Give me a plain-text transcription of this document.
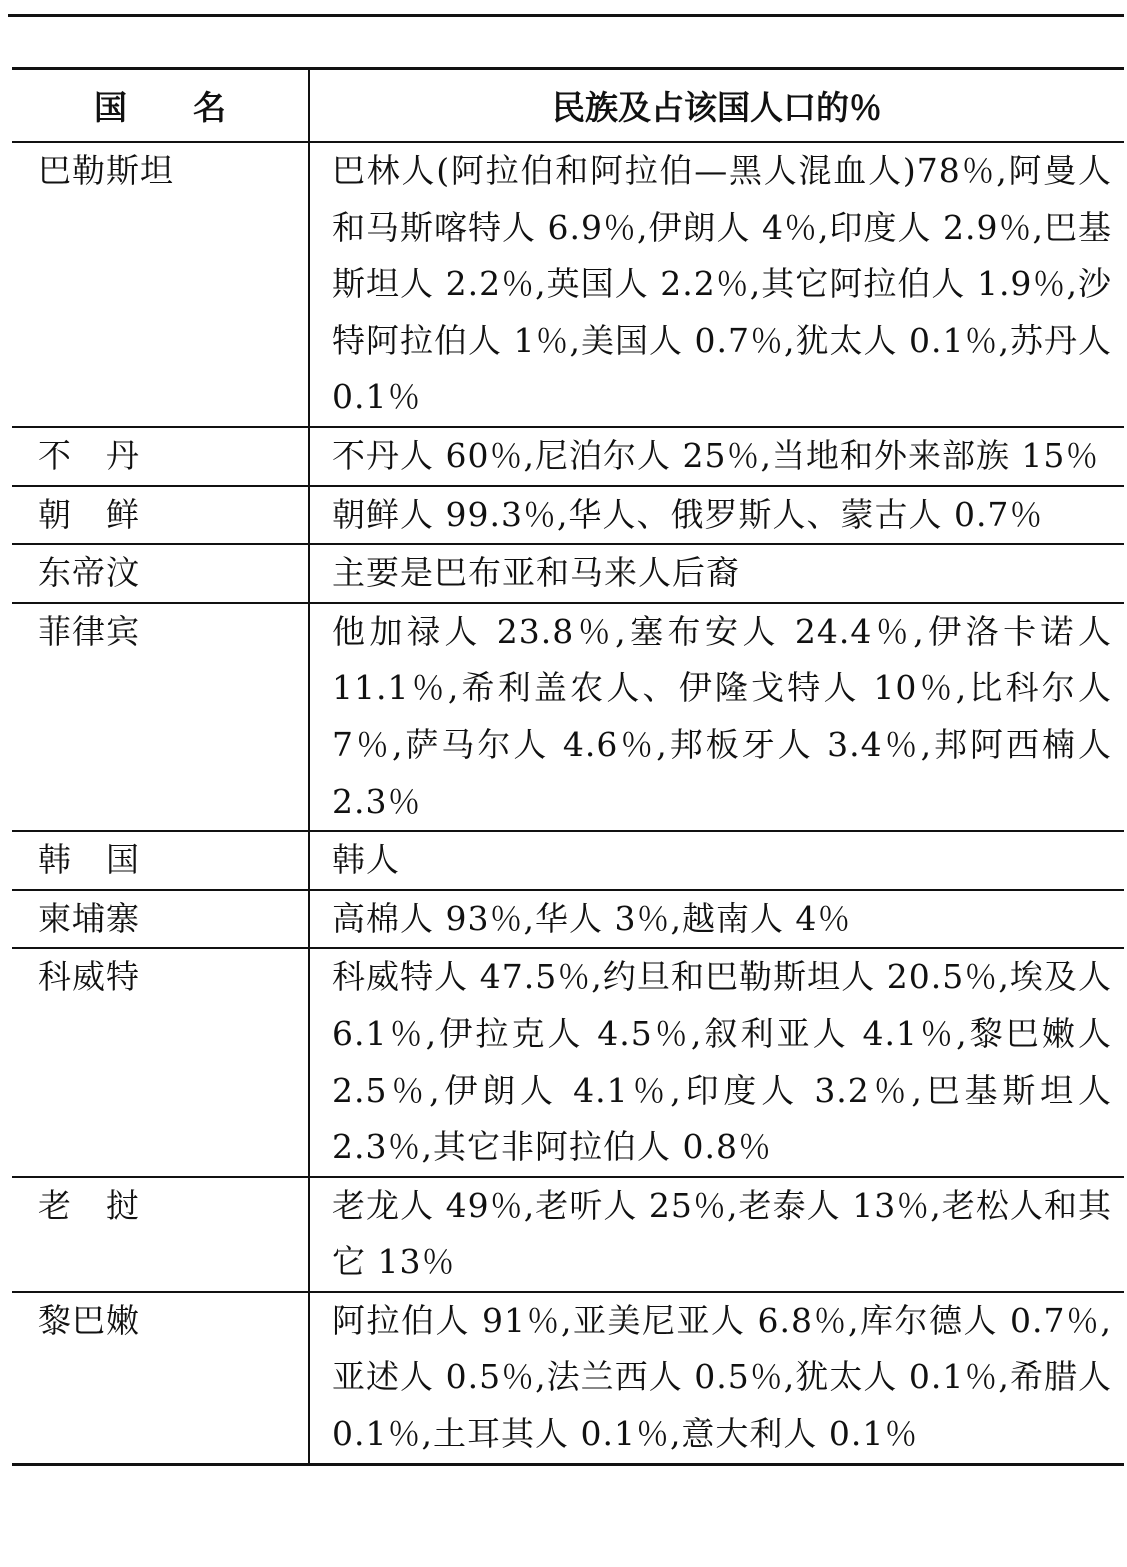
国　　名	民族及占该国人口的％
巴勒斯坦	巴林人(阿拉伯和阿拉伯—黑人混血人)78％,阿曼人和马斯喀特人 6.9％,伊朗人 4％,印度人 2.9％,巴基斯坦人 2.2％,英国人 2.2％,其它阿拉伯人 1.9％,沙特阿拉伯人 1％,美国人 0.7％,犹太人 0.1％,苏丹人 0.1％
不　丹	不丹人 60％,尼泊尔人 25％,当地和外来部族 15％
朝　鲜	朝鲜人 99.3％,华人、俄罗斯人、蒙古人 0.7％
东帝汶	主要是巴布亚和马来人后裔
菲律宾	他加禄人 23.8％,塞布安人 24.4％,伊洛卡诺人 11.1％,希利盖农人、伊隆戈特人 10％,比科尔人 7％,萨马尔人 4.6％,邦板牙人 3.4％,邦阿西楠人 2.3％
韩　国	韩人
柬埔寨	高棉人 93％,华人 3％,越南人 4％
科威特	科威特人 47.5％,约旦和巴勒斯坦人 20.5％,埃及人 6.1％,伊拉克人 4.5％,叙利亚人 4.1％,黎巴嫩人 2.5％,伊朗人 4.1％,印度人 3.2％,巴基斯坦人 2.3％,其它非阿拉伯人 0.8％
老　挝	老龙人 49％,老听人 25％,老泰人 13％,老松人和其它 13％
黎巴嫩	阿拉伯人 91％,亚美尼亚人 6.8％,库尔德人 0.7％,亚述人 0.5％,法兰西人 0.5％,犹太人 0.1％,希腊人 0.1％,土耳其人 0.1％,意大利人 0.1％
